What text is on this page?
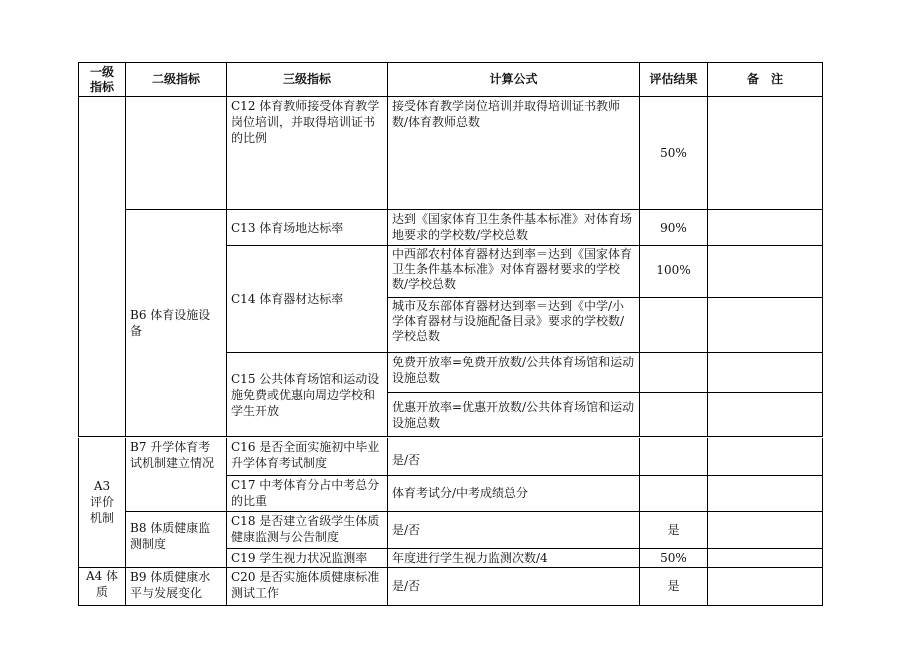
一级指标	二级指标	三级指标	计算公式	评估结果	备　注
		C12 体育教师接受体育教学岗位培训，并取得培训证书的比例	接受体育教学岗位培训并取得培训证书教师数/体育教师总数	50%	
	B6 体育设施设备	C13 体育场地达标率	达到《国家体育卫生条件基本标准》对体育场地要求的学校数/学校总数	90%	
		C14 体育器材达标率	中西部农村体育器材达到率＝达到《国家体育卫生条件基本标准》对体育器材要求的学校数/学校总数	100%	
			城市及东部体育器材达到率＝达到《中学/小学体育器材与设施配备目录》要求的学校数/学校总数		
		C15 公共体育场馆和运动设施免费或优惠向周边学校和学生开放	免费开放率=免费开放数/公共体育场馆和运动设施总数		
			优惠开放率=优惠开放数/公共体育场馆和运动设施总数		
A3 评价机制	B7 升学体育考试机制建立情况	C16 是否全面实施初中毕业升学体育考试制度	是/否		
		C17 中考体育分占中考总分的比重	体育考试分/中考成绩总分		
	B8 体质健康监测制度	C18 是否建立省级学生体质健康监测与公告制度	是/否	是	
		C19 学生视力状况监测率	年度进行学生视力监测次数/4	50%	
A4 体质	B9 体质健康水平与发展变化	C20 是否实施体质健康标准测试工作	是/否	是	
